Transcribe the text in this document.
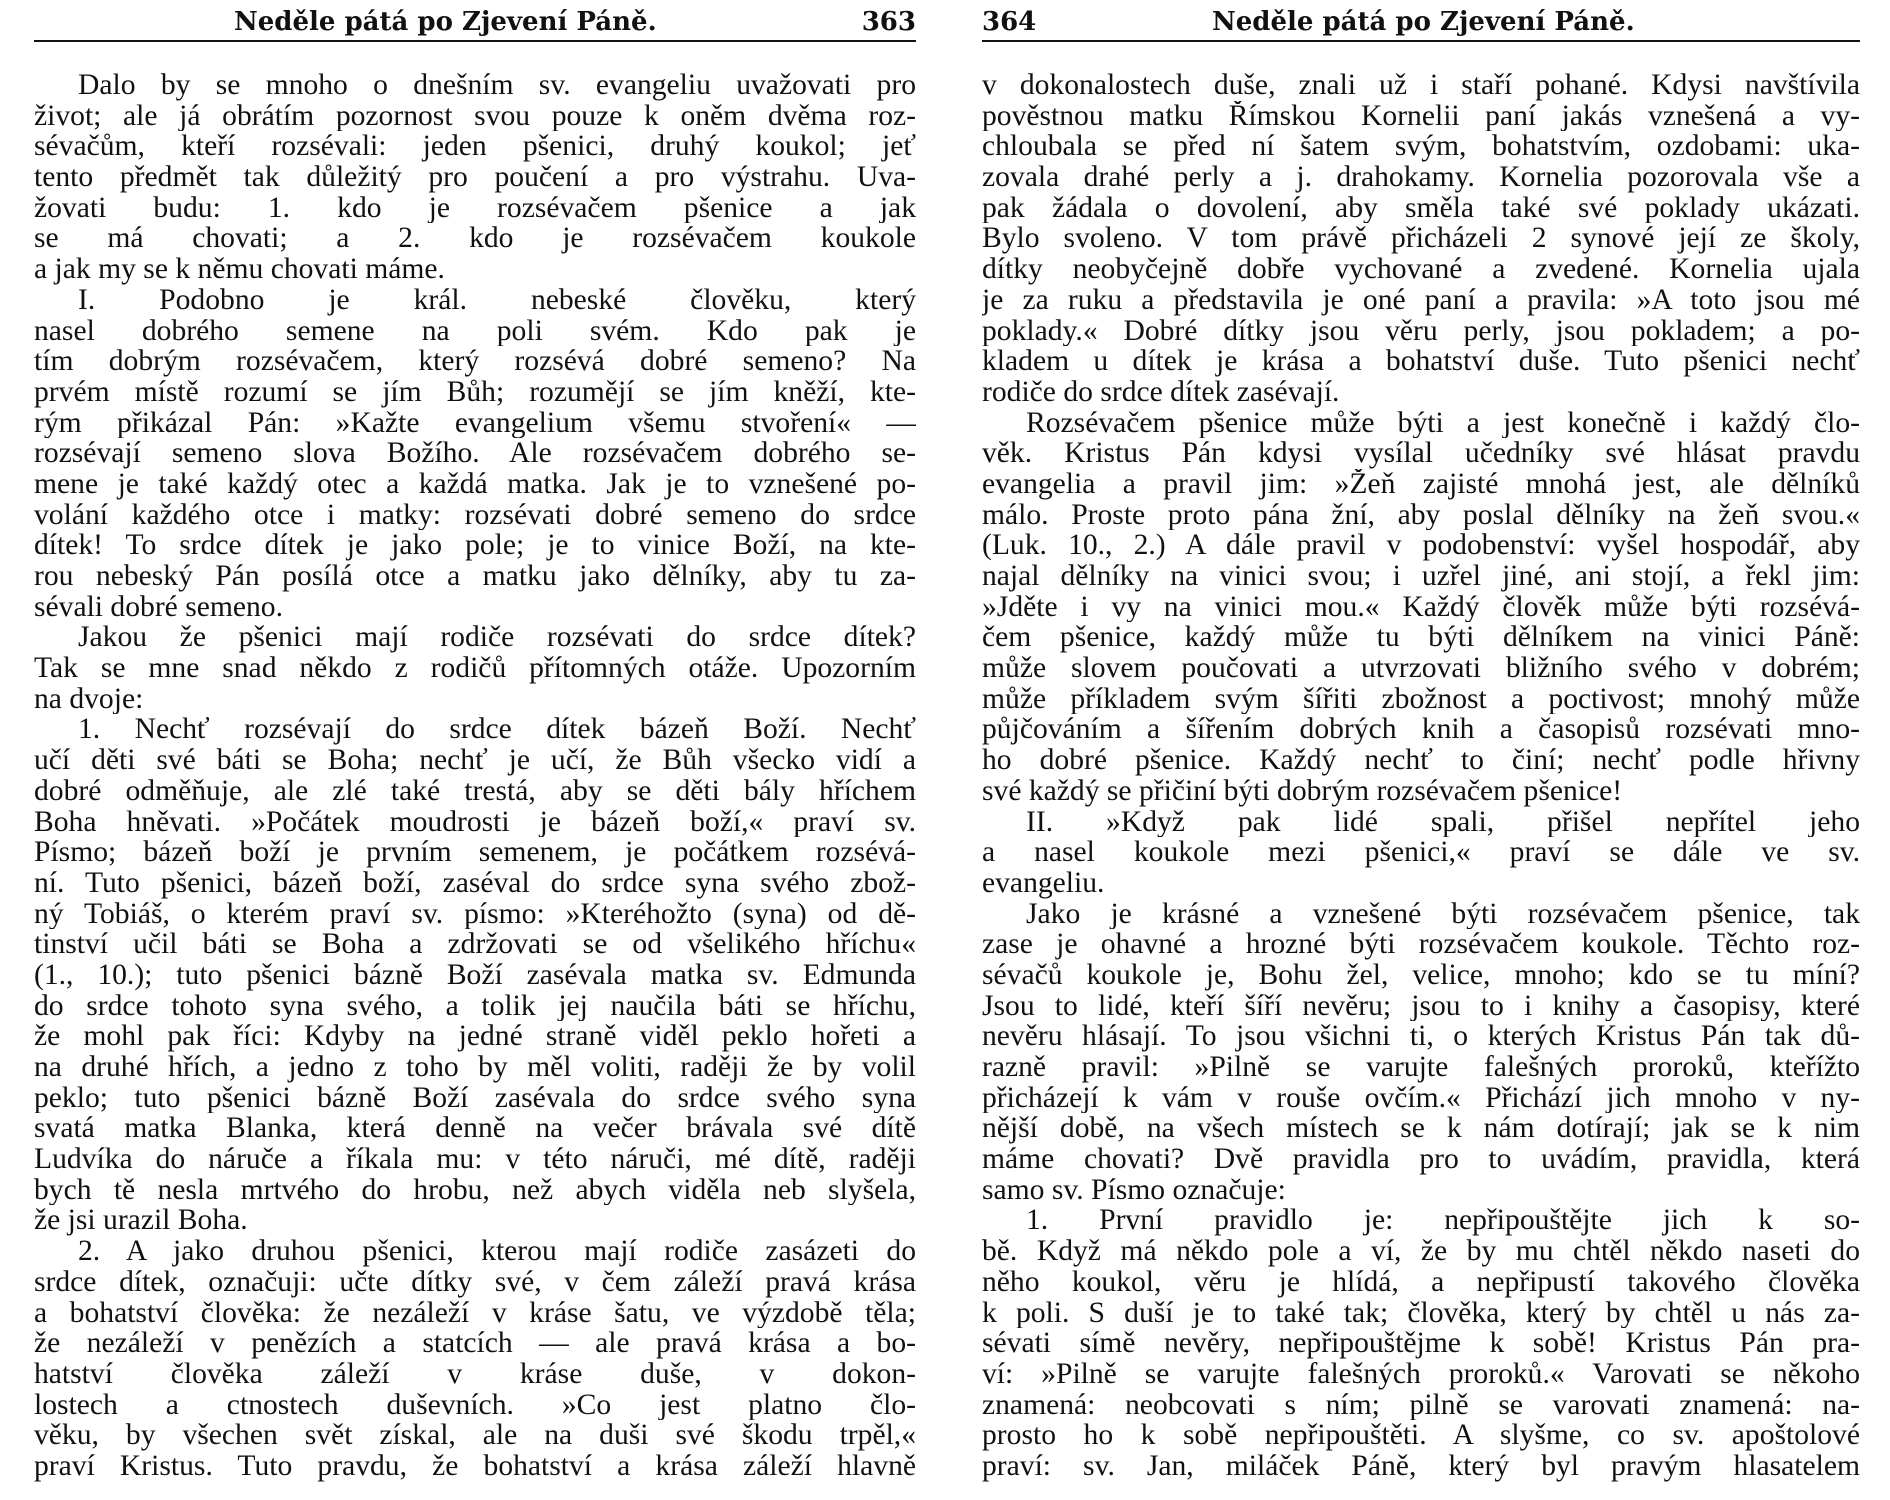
Neděle pátá po Zjevení Páně.	363
Dalo by se mnoho o dnešním sv. evangeliu uvažovati pro
život; ale já obrátím pozornost svou pouze k oněm dvěma roz-
sévačům, kteří rozsévali: jeden pšenici, druhý koukol; jeť
tento předmět tak důležitý pro poučení a pro výstrahu. Uva-
žovati budu: 1. kdo je rozsévačem pšenice a jak
se má chovati; a 2. kdo je rozsévačem koukole
a jak my se k němu chovati máme.
I. Podobno je král. nebeské člověku, který
nasel dobrého semene na poli svém. Kdo pak je
tím dobrým rozsévačem, který rozsévá dobré semeno? Na
prvém místě rozumí se jím Bůh; rozumějí se jím kněží, kte-
rým přikázal Pán: »Kažte evangelium všemu stvoření« —
rozsévají semeno slova Božího. Ale rozsévačem dobrého se-
mene je také každý otec a každá matka. Jak je to vznešené po-
volání každého otce i matky: rozsévati dobré semeno do srdce
dítek! To srdce dítek je jako pole; je to vinice Boží, na kte-
rou nebeský Pán posílá otce a matku jako dělníky, aby tu za-
sévali dobré semeno.
Jakou že pšenici mají rodiče rozsévati do srdce dítek?
Tak se mne snad někdo z rodičů přítomných otáže. Upozorním
na dvoje:
1. Nechť rozsévají do srdce dítek bázeň Boží. Nechť
učí děti své báti se Boha; nechť je učí, že Bůh všecko vidí a
dobré odměňuje, ale zlé také trestá, aby se děti bály hříchem
Boha hněvati. »Počátek moudrosti je bázeň boží,« praví sv.
Písmo; bázeň boží je prvním semenem, je počátkem rozsévá-
ní. Tuto pšenici, bázeň boží, zaséval do srdce syna svého zbož-
ný Tobiáš, o kterém praví sv. písmo: »Kteréhožto (syna) od dě-
tinství učil báti se Boha a zdržovati se od všelikého hříchu«
(1., 10.); tuto pšenici bázně Boží zasévala matka sv. Edmunda
do srdce tohoto syna svého, a tolik jej naučila báti se hříchu,
že mohl pak říci: Kdyby na jedné straně viděl peklo hořeti a
na druhé hřích, a jedno z toho by měl voliti, raději že by volil
peklo; tuto pšenici bázně Boží zasévala do srdce svého syna
svatá matka Blanka, která denně na večer brávala své dítě
Ludvíka do náruče a říkala mu: v této náruči, mé dítě, raději
bych tě nesla mrtvého do hrobu, než abych viděla neb slyšela,
že jsi urazil Boha.
2. A jako druhou pšenici, kterou mají rodiče zasázeti do
srdce dítek, označuji: učte dítky své, v čem záleží pravá krása
a bohatství člověka: že nezáleží v kráse šatu, ve výzdobě těla;
že nezáleží v penězích a statcích — ale pravá krása a bo-
hatství člověka záleží v kráse duše, v dokon-
lostech a ctnostech duševních. »Co jest platno člo-
věku, by všechen svět získal, ale na duši své škodu trpěl,«
praví Kristus. Tuto pravdu, že bohatství a krása záleží hlavně
364	Neděle pátá po Zjevení Páně.
v dokonalostech duše, znali už i staří pohané. Kdysi navštívila
pověstnou matku Římskou Kornelii paní jakás vznešená a vy-
chloubala se před ní šatem svým, bohatstvím, ozdobami: uka-
zovala drahé perly a j. drahokamy. Kornelia pozorovala vše a
pak žádala o dovolení, aby směla také své poklady ukázati.
Bylo svoleno. V tom právě přicházeli 2 synové její ze školy,
dítky neobyčejně dobře vychované a zvedené. Kornelia ujala
je za ruku a představila je oné paní a pravila: »A toto jsou mé
poklady.« Dobré dítky jsou věru perly, jsou pokladem; a po-
kladem u dítek je krása a bohatství duše. Tuto pšenici nechť
rodiče do srdce dítek zasévají.
Rozsévačem pšenice může býti a jest konečně i každý člo-
věk. Kristus Pán kdysi vysílal učedníky své hlásat pravdu
evangelia a pravil jim: »Žeň zajisté mnohá jest, ale dělníků
málo. Proste proto pána žní, aby poslal dělníky na žeň svou.«
(Luk. 10., 2.) A dále pravil v podobenství: vyšel hospodář, aby
najal dělníky na vinici svou; i uzřel jiné, ani stojí, a řekl jim:
»Jděte i vy na vinici mou.« Každý člověk může býti rozsévá-
čem pšenice, každý může tu býti dělníkem na vinici Páně:
může slovem poučovati a utvrzovati bližního svého v dobrém;
může příkladem svým šířiti zbožnost a poctivost; mnohý může
půjčováním a šířením dobrých knih a časopisů rozsévati mno-
ho dobré pšenice. Každý nechť to činí; nechť podle hřivny
své každý se přičiní býti dobrým rozsévačem pšenice!
II. »Když pak lidé spali, přišel nepřítel jeho
a nasel koukole mezi pšenici,« praví se dále ve sv.
evangeliu.
Jako je krásné a vznešené býti rozsévačem pšenice, tak
zase je ohavné a hrozné býti rozsévačem koukole. Těchto roz-
sévačů koukole je, Bohu žel, velice, mnoho; kdo se tu míní?
Jsou to lidé, kteří šíří nevěru; jsou to i knihy a časopisy, které
nevěru hlásají. To jsou všichni ti, o kterých Kristus Pán tak dů-
razně pravil: »Pilně se varujte falešných proroků, kteřížto
přicházejí k vám v rouše ovčím.« Přichází jich mnoho v ny-
nější době, na všech místech se k nám dotírají; jak se k nim
máme chovati? Dvě pravidla pro to uvádím, pravidla, která
samo sv. Písmo označuje:
1. První pravidlo je: nepřipouštějte jich k so-
bě. Když má někdo pole a ví, že by mu chtěl někdo naseti do
něho koukol, věru je hlídá, a nepřipustí takového člověka
k poli. S duší je to také tak; člověka, který by chtěl u nás za-
sévati símě nevěry, nepřipouštějme k sobě! Kristus Pán pra-
ví: »Pilně se varujte falešných proroků.« Varovati se někoho
znamená: neobcovati s ním; pilně se varovati znamená: na-
prosto ho k sobě nepřipouštěti. A slyšme, co sv. apoštolové
praví: sv. Jan, miláček Páně, který byl pravým hlasatelem
